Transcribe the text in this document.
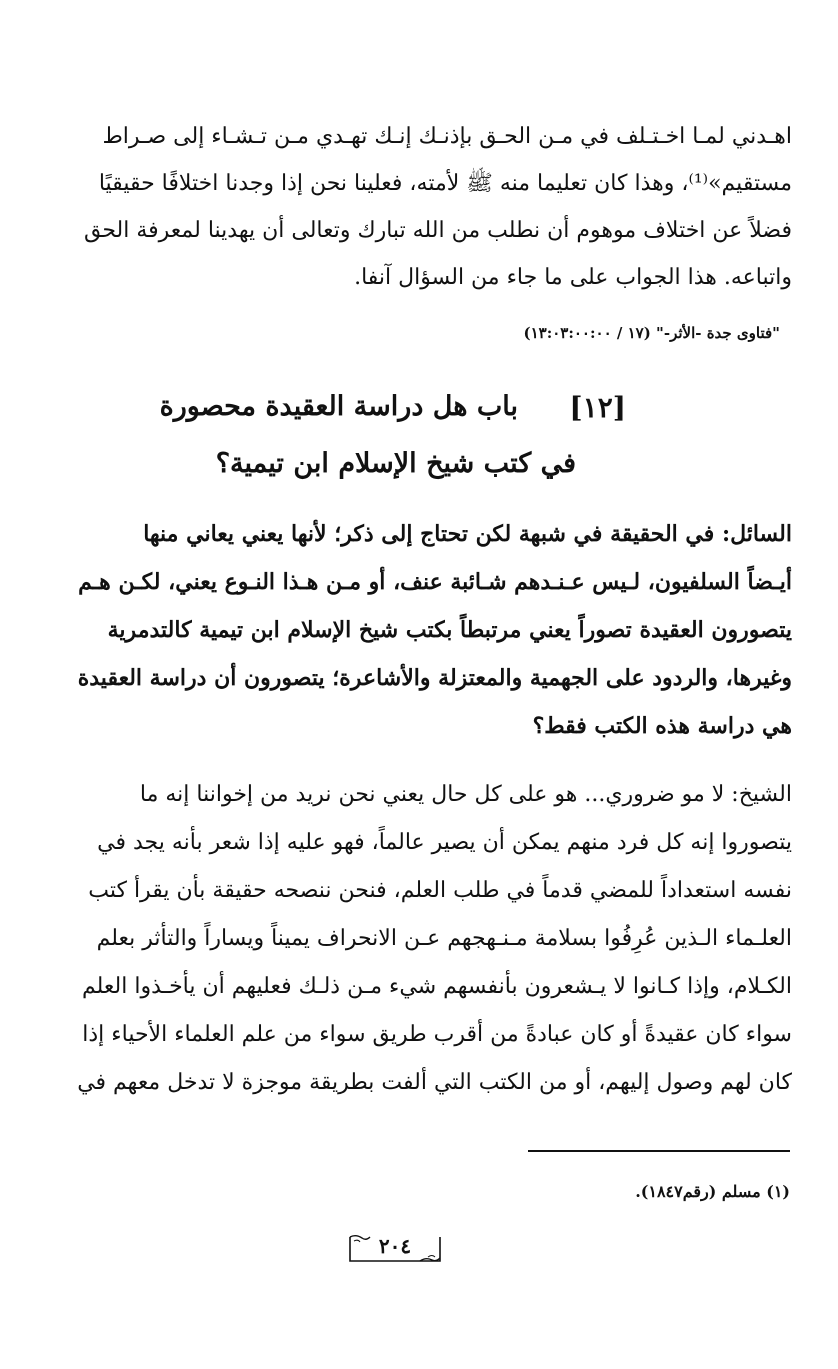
اهـدني لمـا اخـتـلف في مـن الحـق بإذنـك إنـك تهـدي مـن تـشـاء إلى صـراط
مستقيم»⁽¹⁾، وهذا كان تعليما منه ﷺ لأمته، فعلينا نحن إذا وجدنا اختلافًا حقيقيًا
فضلاً عن اختلاف موهوم أن نطلب من الله تبارك وتعالى أن يهدينا لمعرفة الحق
واتباعه. هذا الجواب على ما جاء من السؤال آنفا.
"فتاوى جدة -الأثر-" (١٧ / ١٣:٠٣:٠٠:٠٠)
[١٢]
باب هل دراسة العقيدة محصورة
في كتب شيخ الإسلام ابن تيمية؟
السائل: في الحقيقة في شبهة لكن تحتاج إلى ذكر؛ لأنها يعني يعاني منها
أيـضاً السلفيون، لـيس عـنـدهم شـائبة عنف، أو مـن هـذا النـوع يعني، لكـن هـم
يتصورون العقيدة تصوراً يعني مرتبطاً بكتب شيخ الإسلام ابن تيمية كالتدمرية
وغيرها، والردود على الجهمية والمعتزلة والأشاعرة؛ يتصورون أن دراسة العقيدة
هي دراسة هذه الكتب فقط؟
الشيخ: لا مو ضروري... هو على كل حال يعني نحن نريد من إخواننا إنه ما
يتصوروا إنه كل فرد منهم يمكن أن يصير عالماً، فهو عليه إذا شعر بأنه يجد في
نفسه استعداداً للمضي قدماً في طلب العلم، فنحن ننصحه حقيقة بأن يقرأ كتب
العلـماء الـذين عُرِفُوا بسلامة مـنـهجهم عـن الانحراف يميناً ويساراً والتأثر بعلم
الكـلام، وإذا كـانوا لا يـشعرون بأنفسهم شيء مـن ذلـك فعليهم أن يأخـذوا العلم
سواء كان عقيدةً أو كان عبادةً من أقرب طريق سواء من علم العلماء الأحياء إذا
كان لهم وصول إليهم، أو من الكتب التي ألفت بطريقة موجزة لا تدخل معهم في
(١) مسلم (رقم١٨٤٧).
٢٠٤
